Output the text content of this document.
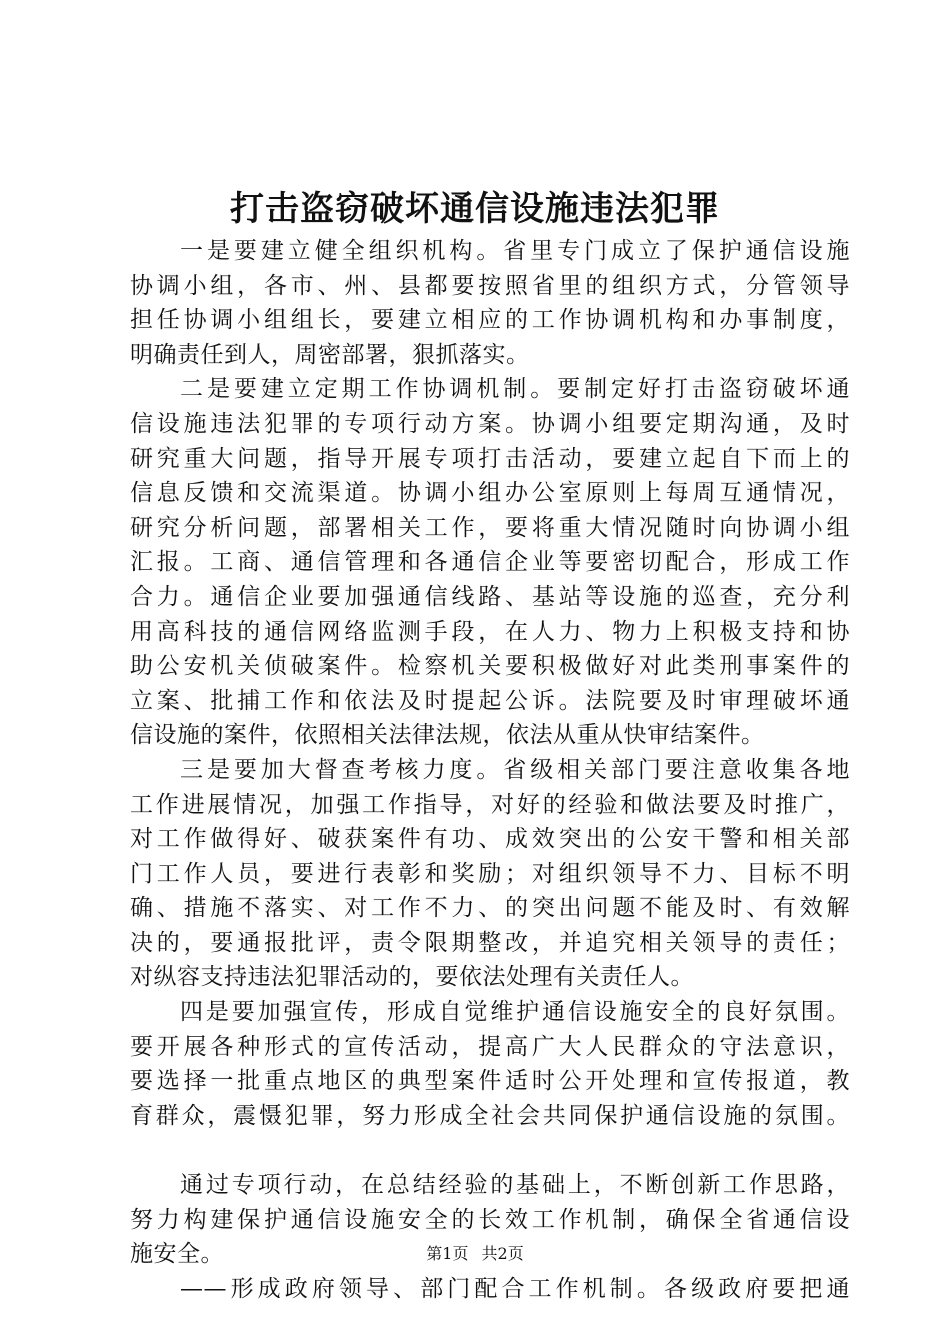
打击盗窃破坏通信设施违法犯罪
一是要建立健全组织机构。省里专门成立了保护通信设施
协调小组，各市、州、县都要按照省里的组织方式，分管领导
担任协调小组组长，要建立相应的工作协调机构和办事制度，
明确责任到人，周密部署，狠抓落实。
二是要建立定期工作协调机制。要制定好打击盗窃破坏通
信设施违法犯罪的专项行动方案。协调小组要定期沟通，及时
研究重大问题，指导开展专项打击活动，要建立起自下而上的
信息反馈和交流渠道。协调小组办公室原则上每周互通情况，
研究分析问题，部署相关工作，要将重大情况随时向协调小组
汇报。工商、通信管理和各通信企业等要密切配合，形成工作
合力。通信企业要加强通信线路、基站等设施的巡查，充分利
用高科技的通信网络监测手段，在人力、物力上积极支持和协
助公安机关侦破案件。检察机关要积极做好对此类刑事案件的
立案、批捕工作和依法及时提起公诉。法院要及时审理破坏通
信设施的案件，依照相关法律法规，依法从重从快审结案件。
三是要加大督查考核力度。省级相关部门要注意收集各地
工作进展情况，加强工作指导，对好的经验和做法要及时推广，
对工作做得好、破获案件有功、成效突出的公安干警和相关部
门工作人员，要进行表彰和奖励；对组织领导不力、目标不明
确、措施不落实、对工作不力、的突出问题不能及时、有效解
决的，要通报批评，责令限期整改，并追究相关领导的责任；
对纵容支持违法犯罪活动的，要依法处理有关责任人。
四是要加强宣传，形成自觉维护通信设施安全的良好氛围。
要开展各种形式的宣传活动，提高广大人民群众的守法意识，
要选择一批重点地区的典型案件适时公开处理和宣传报道，教
育群众，震慑犯罪，努力形成全社会共同保护通信设施的氛围。
通过专项行动，在总结经验的基础上，不断创新工作思路，
努力构建保护通信设施安全的长效工作机制，确保全省通信设
施安全。
——形成政府领导、部门配合工作机制。各级政府要把通
第1页 共2页
